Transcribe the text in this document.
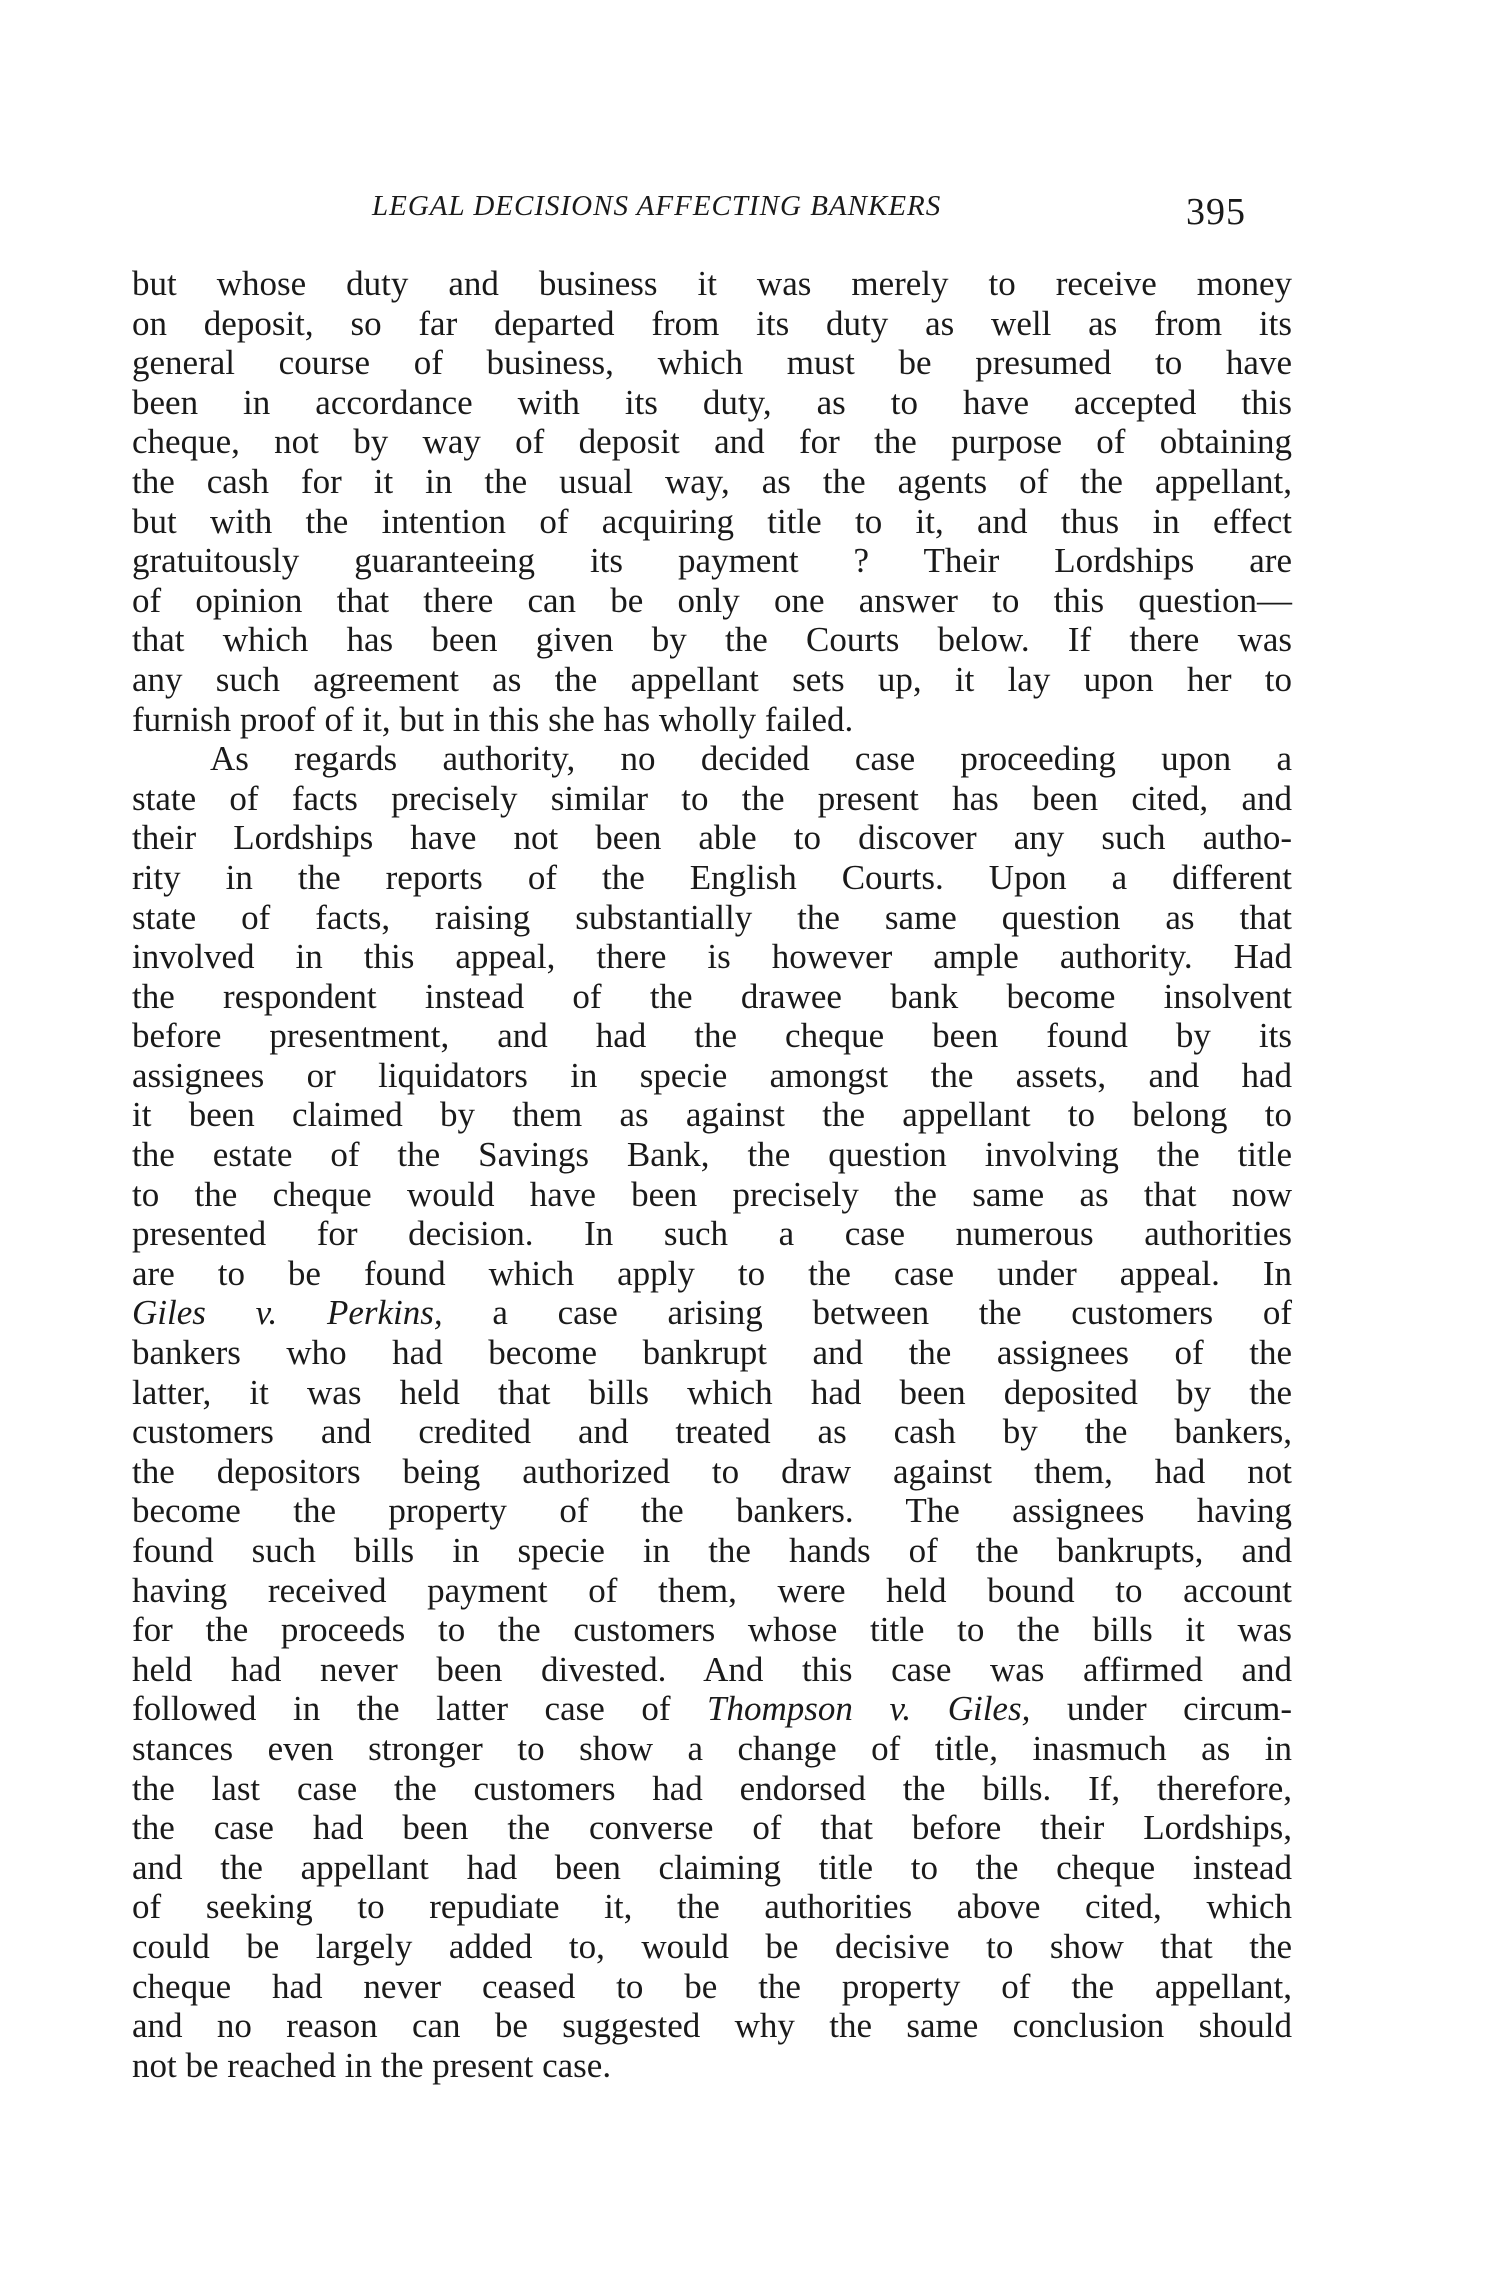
LEGAL DECISIONS AFFECTING BANKERS	395
but whose duty and business it was merely to receive money
on deposit, so far departed from its duty as well as from its
general course of business, which must be presumed to have
been in accordance with its duty, as to have accepted this
cheque, not by way of deposit and for the purpose of obtaining
the cash for it in the usual way, as the agents of the appellant,
but with the intention of acquiring title to it, and thus in effect
gratuitously guaranteeing its payment ? Their Lordships are
of opinion that there can be only one answer to this question—
that which has been given by the Courts below. If there was
any such agreement as the appellant sets up, it lay upon her to
furnish proof of it, but in this she has wholly failed.
As regards authority, no decided case proceeding upon a
state of facts precisely similar to the present has been cited, and
their Lordships have not been able to discover any such autho-
rity in the reports of the English Courts. Upon a different
state of facts, raising substantially the same question as that
involved in this appeal, there is however ample authority. Had
the respondent instead of the drawee bank become insolvent
before presentment, and had the cheque been found by its
assignees or liquidators in specie amongst the assets, and had
it been claimed by them as against the appellant to belong to
the estate of the Savings Bank, the question involving the title
to the cheque would have been precisely the same as that now
presented for decision. In such a case numerous authorities
are to be found which apply to the case under appeal. In
Giles v. Perkins, a case arising between the customers of
bankers who had become bankrupt and the assignees of the
latter, it was held that bills which had been deposited by the
customers and credited and treated as cash by the bankers,
the depositors being authorized to draw against them, had not
become the property of the bankers. The assignees having
found such bills in specie in the hands of the bankrupts, and
having received payment of them, were held bound to account
for the proceeds to the customers whose title to the bills it was
held had never been divested. And this case was affirmed and
followed in the latter case of Thompson v. Giles, under circum-
stances even stronger to show a change of title, inasmuch as in
the last case the customers had endorsed the bills. If, therefore,
the case had been the converse of that before their Lordships,
and the appellant had been claiming title to the cheque instead
of seeking to repudiate it, the authorities above cited, which
could be largely added to, would be decisive to show that the
cheque had never ceased to be the property of the appellant,
and no reason can be suggested why the same conclusion should
not be reached in the present case.
